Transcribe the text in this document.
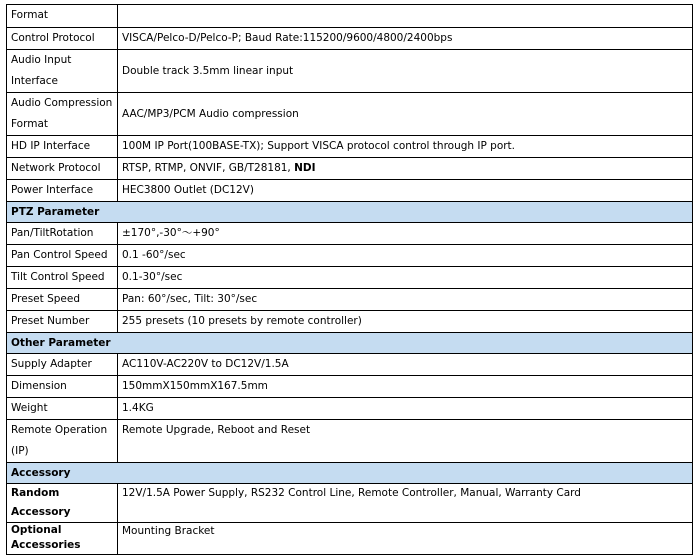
Format	
Control Protocol	VISCA/Pelco-D/Pelco-P; Baud Rate:115200/9600/4800/2400bps
Audio Input Interface	Double track 3.5mm linear input
Audio Compression Format	AAC/MP3/PCM Audio compression
HD IP Interface	100M IP Port(100BASE-TX); Support VISCA protocol control through IP port.
Network Protocol	RTSP, RTMP, ONVIF, GB/T28181, NDI
Power Interface	HEC3800 Outlet (DC12V)
PTZ Parameter	
Pan/TiltRotation	±170°,-30°～+90°
Pan Control Speed	0.1 -60°/sec
Tilt Control Speed	0.1-30°/sec
Preset Speed	Pan: 60°/sec, Tilt: 30°/sec
Preset Number	255 presets (10 presets by remote controller)
Other Parameter	
Supply Adapter	AC110V-AC220V to DC12V/1.5A
Dimension	150mmX150mmX167.5mm
Weight	1.4KG
Remote Operation (IP)	Remote Upgrade, Reboot and Reset
Accessory	
Random Accessory	12V/1.5A Power Supply, RS232 Control Line, Remote Controller, Manual, Warranty Card
Optional Accessories	Mounting Bracket
